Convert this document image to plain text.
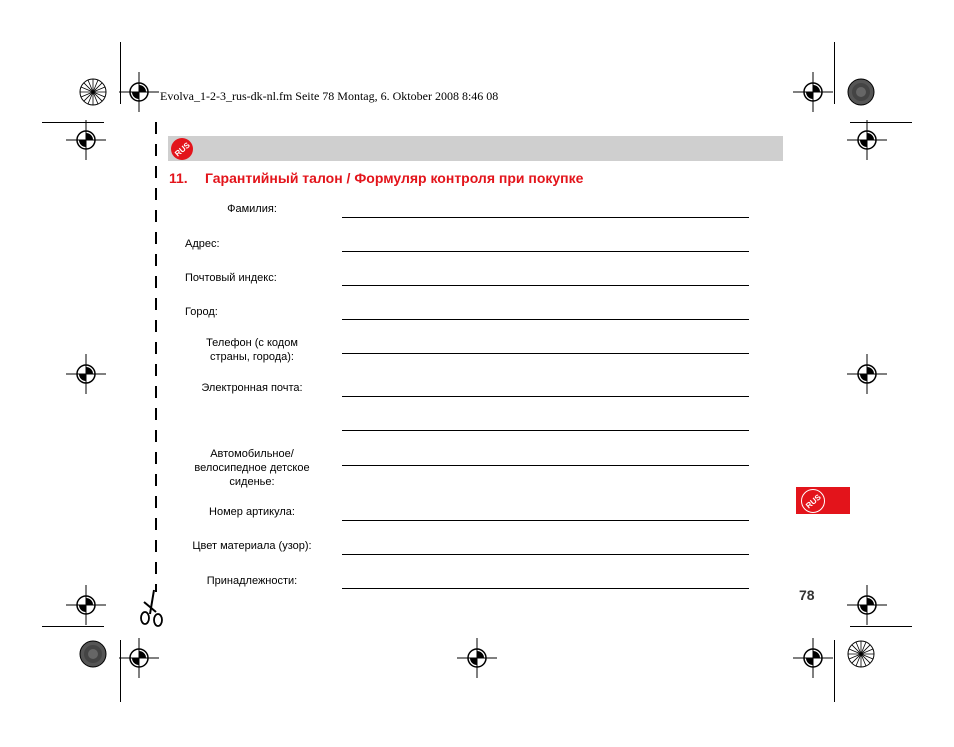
Evolva_1-2-3_rus-dk-nl.fm Seite 78 Montag, 6. Oktober 2008 8:46 08
RUS
11. Гарантийный талон / Формуляр контроля при покупке
Фамилия:
Адрес:
Почтовый индекс:
Город:
Телефон (с кодом
страны, города):
Электронная почта:
Автомобильное/
велосипедное детское
сиденье:
Номер артикула:
Цвет материала (узор):
Принадлежности:
RUS
78
